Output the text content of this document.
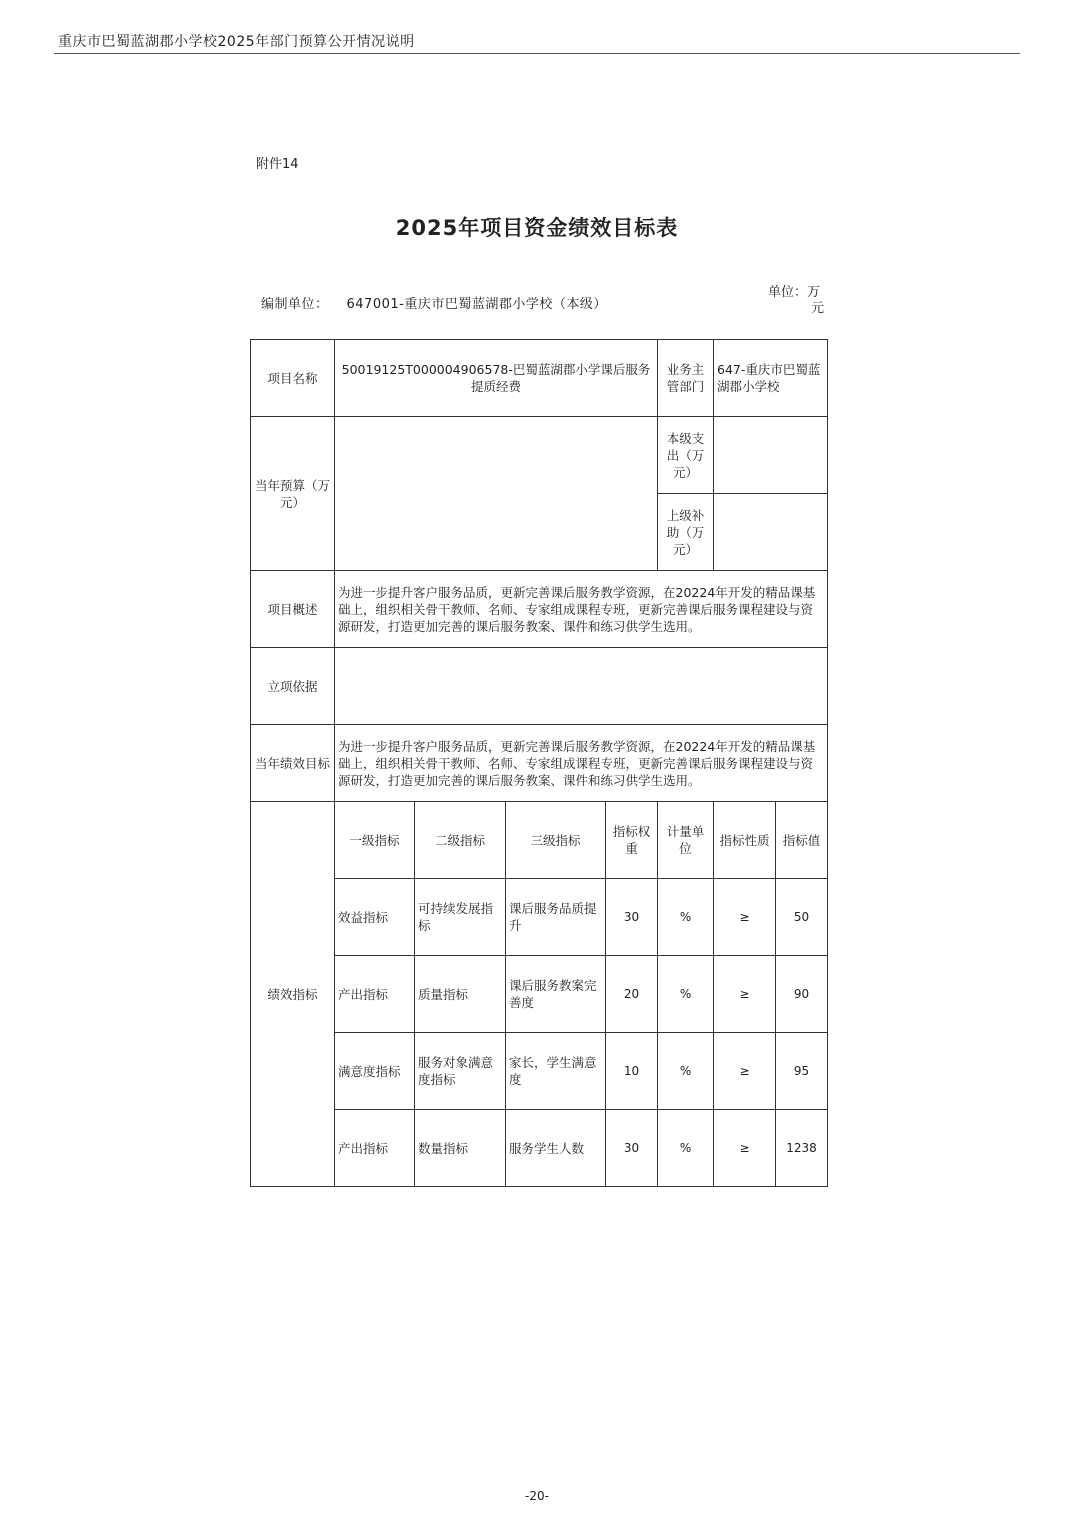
重庆市巴蜀蓝湖郡小学校2025年部门预算公开情况说明
附件14
2025年项目资金绩效目标表
编制单位： 647001-重庆市巴蜀蓝湖郡小学校（本级）
单位：万
元
项目名称	50019125T000004906578-巴蜀蓝湖郡小学课后服务提质经费				业务主管部门	647-重庆市巴蜀蓝湖郡小学校	
当年预算（万元）					本级支出（万元）		
					上级补助（万元）		
项目概述	为进一步提升客户服务品质，更新完善课后服务教学资源，在20224年开发的精品课基础上，组织相关骨干教师、名师、专家组成课程专班，更新完善课后服务课程建设与资源研发，打造更加完善的课后服务教案、课件和练习供学生选用。						
立项依据							
当年绩效目标	为进一步提升客户服务品质，更新完善课后服务教学资源，在20224年开发的精品课基础上，组织相关骨干教师、名师、专家组成课程专班，更新完善课后服务课程建设与资源研发，打造更加完善的课后服务教案、课件和练习供学生选用。						
绩效指标	一级指标	二级指标	三级指标	指标权重	计量单位	指标性质	指标值
	效益指标	可持续发展指标	课后服务品质提升	30	%	≥	50
	产出指标	质量指标	课后服务教案完善度	20	%	≥	90
	满意度指标	服务对象满意度指标	家长，学生满意度	10	%	≥	95
	产出指标	数量指标	服务学生人数	30	%	≥	1238
-20-
